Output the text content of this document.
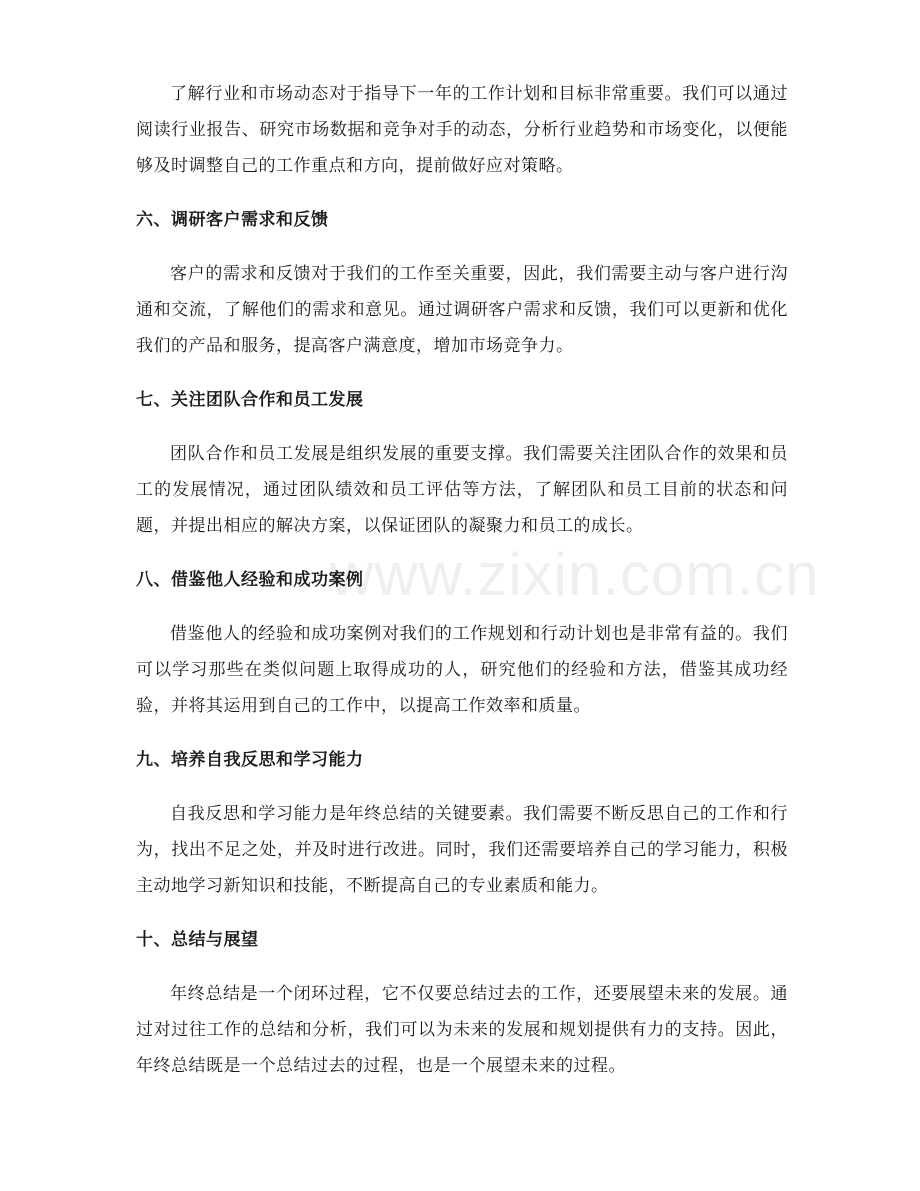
了解行业和市场动态对于指导下一年的工作计划和目标非常重要。我们可以通过阅读行业报告、研究市场数据和竞争对手的动态，分析行业趋势和市场变化，以便能够及时调整自己的工作重点和方向，提前做好应对策略。

六、调研客户需求和反馈

客户的需求和反馈对于我们的工作至关重要，因此，我们需要主动与客户进行沟通和交流，了解他们的需求和意见。通过调研客户需求和反馈，我们可以更新和优化我们的产品和服务，提高客户满意度，增加市场竞争力。

七、关注团队合作和员工发展

团队合作和员工发展是组织发展的重要支撑。我们需要关注团队合作的效果和员工的发展情况，通过团队绩效和员工评估等方法，了解团队和员工目前的状态和问题，并提出相应的解决方案，以保证团队的凝聚力和员工的成长。

八、借鉴他人经验和成功案例

借鉴他人的经验和成功案例对我们的工作规划和行动计划也是非常有益的。我们可以学习那些在类似问题上取得成功的人，研究他们的经验和方法，借鉴其成功经验，并将其运用到自己的工作中，以提高工作效率和质量。

九、培养自我反思和学习能力

自我反思和学习能力是年终总结的关键要素。我们需要不断反思自己的工作和行为，找出不足之处，并及时进行改进。同时，我们还需要培养自己的学习能力，积极主动地学习新知识和技能，不断提高自己的专业素质和能力。

十、总结与展望

年终总结是一个闭环过程，它不仅要总结过去的工作，还要展望未来的发展。通过对过往工作的总结和分析，我们可以为未来的发展和规划提供有力的支持。因此，年终总结既是一个总结过去的过程，也是一个展望未来的过程。

www.zixin.com.cn
